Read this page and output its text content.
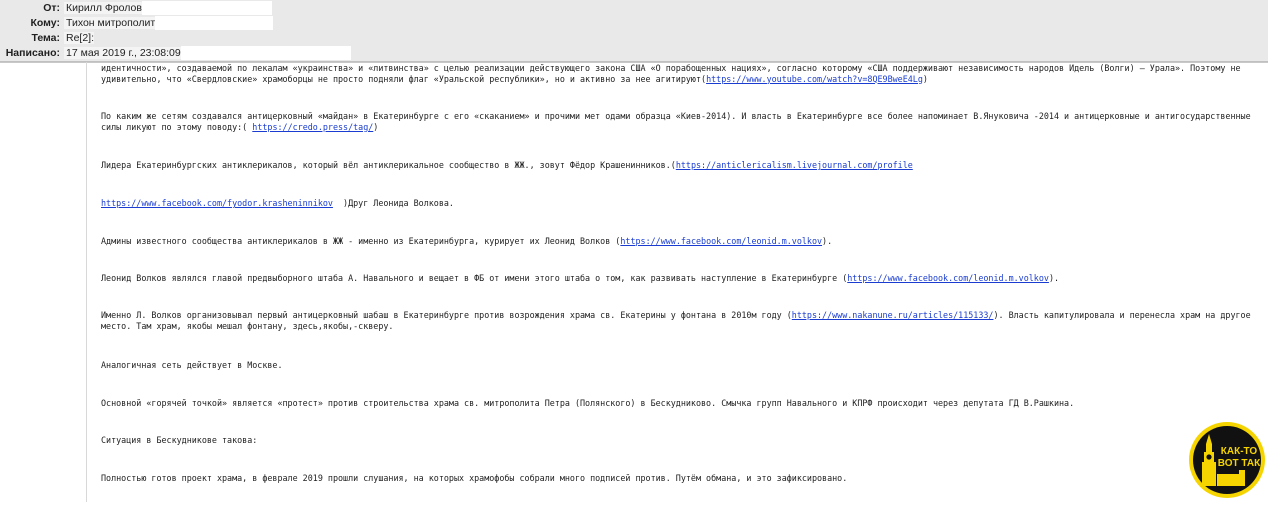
От: Кирилл Фролов
Кому: Тихон митрополит
Тема: Re[2]:
Написано: 17 мая 2019 г., 23:08:09
идентичности», создаваемой по лекалам «украинства» и «литвинства» с целью реализации действующего закона США «О порабощенных нациях», согласно которому «США поддерживают независимость народов Идель (Волги) — Урала». Поэтому не удивительно, что «Свердловские» храмоборцы не просто подняли флаг «Уральской республики», но и активно за нее агитируют(https://www.youtube.com/watch?v=8QE9BweE4Lg)
По каким же сетям создавался антицерковный «майдан» в Екатеринбурге с его «скаканием» и прочими мет одами образца «Киев-2014). И власть в Екатеринбурге все более напоминает В.Януковича -2014 и антицерковные и антигосударственные силы ликуют по этому поводу:( https://credo.press/tag/)
Лидера Екатеринбургских антиклерикалов, который вёл антиклерикальное сообщество в ЖЖ., зовут Фёдор Крашенинников.(https://anticlericalism.livejournal.com/profile
https://www.facebook.com/fyodor.krasheninnikov )Друг Леонида Волкова.
Админы известного сообщества антиклерикалов в ЖЖ - именно из Екатеринбурга, курирует их Леонид Волков (https://www.facebook.com/leonid.m.volkov).
Леонид Волков являлся главой предвыборного штаба А. Навального и вещает в ФБ от имени этого штаба о том, как развивать наступление в Екатеринбурге (https://www.facebook.com/leonid.m.volkov).
Именно Л. Волков организовывал первый антицерковный шабаш в Екатеринбурге против возрождения храма св. Екатерины у фонтана в 2010м году (https://www.nakanune.ru/articles/115133/). Власть капитулировала и перенесла храм на другое место. Там храм, якобы мешал фонтану, здесь,якобы,-скверу.
Аналогичная сеть действует в Москве.
Основной «горячей точкой» является «протест» против строительства храма св. митрополита Петра (Полянского) в Бескудниково. Смычка групп Навального и КПРФ происходит через депутата ГД В.Рашкина.
Ситуация в Бескудникове такова:
Полностью готов проект храма, в феврале 2019 прошли слушания, на которых храмофобы собрали много подписей против. Путём обмана, и это зафиксировано.
КАК-ТО
ВОТ ТАК
